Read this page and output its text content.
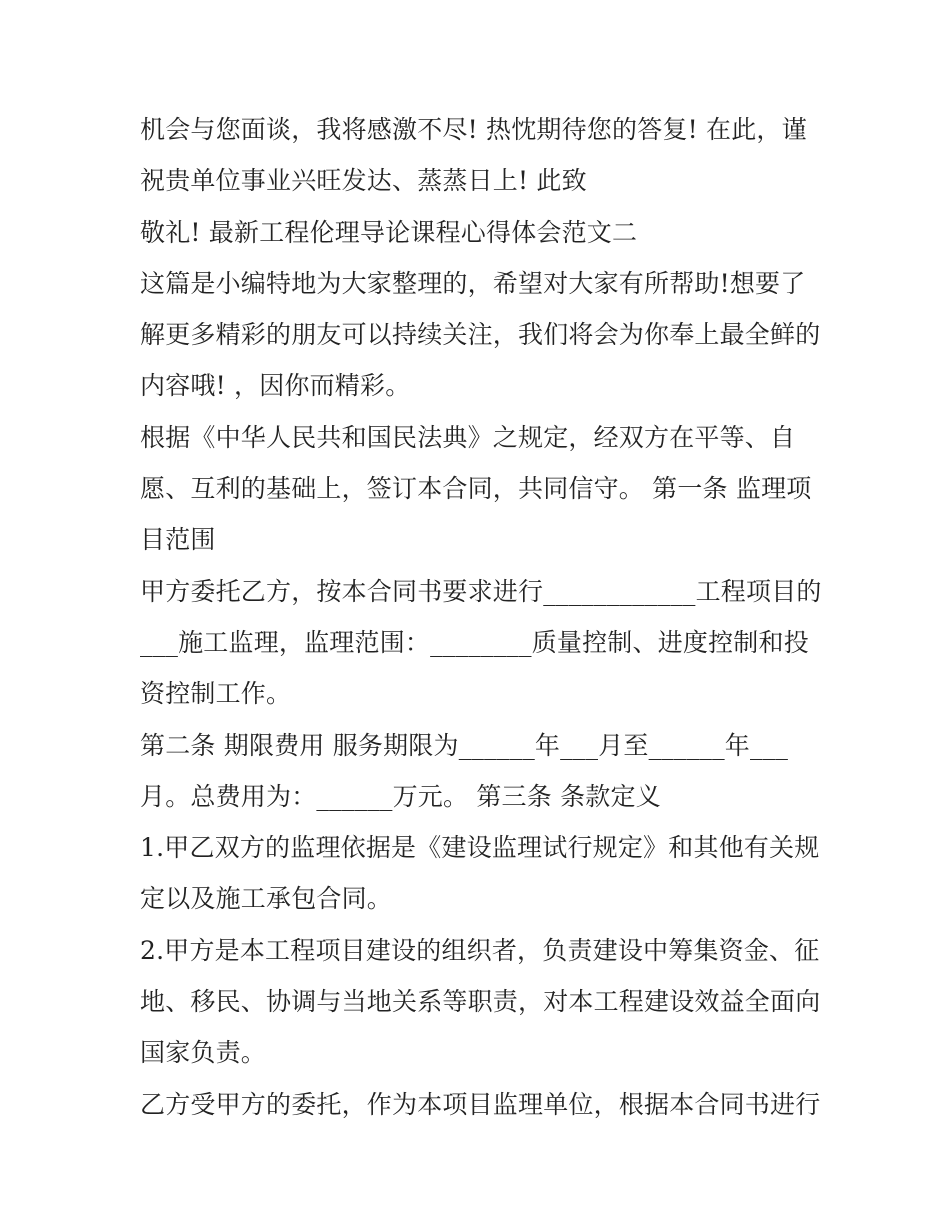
机会与您面谈，我将感激不尽! 热忱期待您的答复! 在此，谨
祝贵单位事业兴旺发达、蒸蒸日上! 此致
敬礼! 最新工程伦理导论课程心得体会范文二
这篇是小编特地为大家整理的，希望对大家有所帮助!想要了
解更多精彩的朋友可以持续关注，我们将会为你奉上最全鲜的
内容哦! ，因你而精彩。
根据《中华人民共和国民法典》之规定，经双方在平等、自
愿、互利的基础上，签订本合同，共同信守。 第一条 监理项
目范围
甲方委托乙方，按本合同书要求进行____________工程项目的
___施工监理，监理范围：________质量控制、进度控制和投
资控制工作。
第二条 期限费用 服务期限为______年___月至______年___
月。总费用为：______万元。 第三条 条款定义
1.甲乙双方的监理依据是《建设监理试行规定》和其他有关规
定以及施工承包合同。
2.甲方是本工程项目建设的组织者，负责建设中筹集资金、征
地、移民、协调与当地关系等职责，对本工程建设效益全面向
国家负责。
乙方受甲方的委托，作为本项目监理单位，根据本合同书进行
